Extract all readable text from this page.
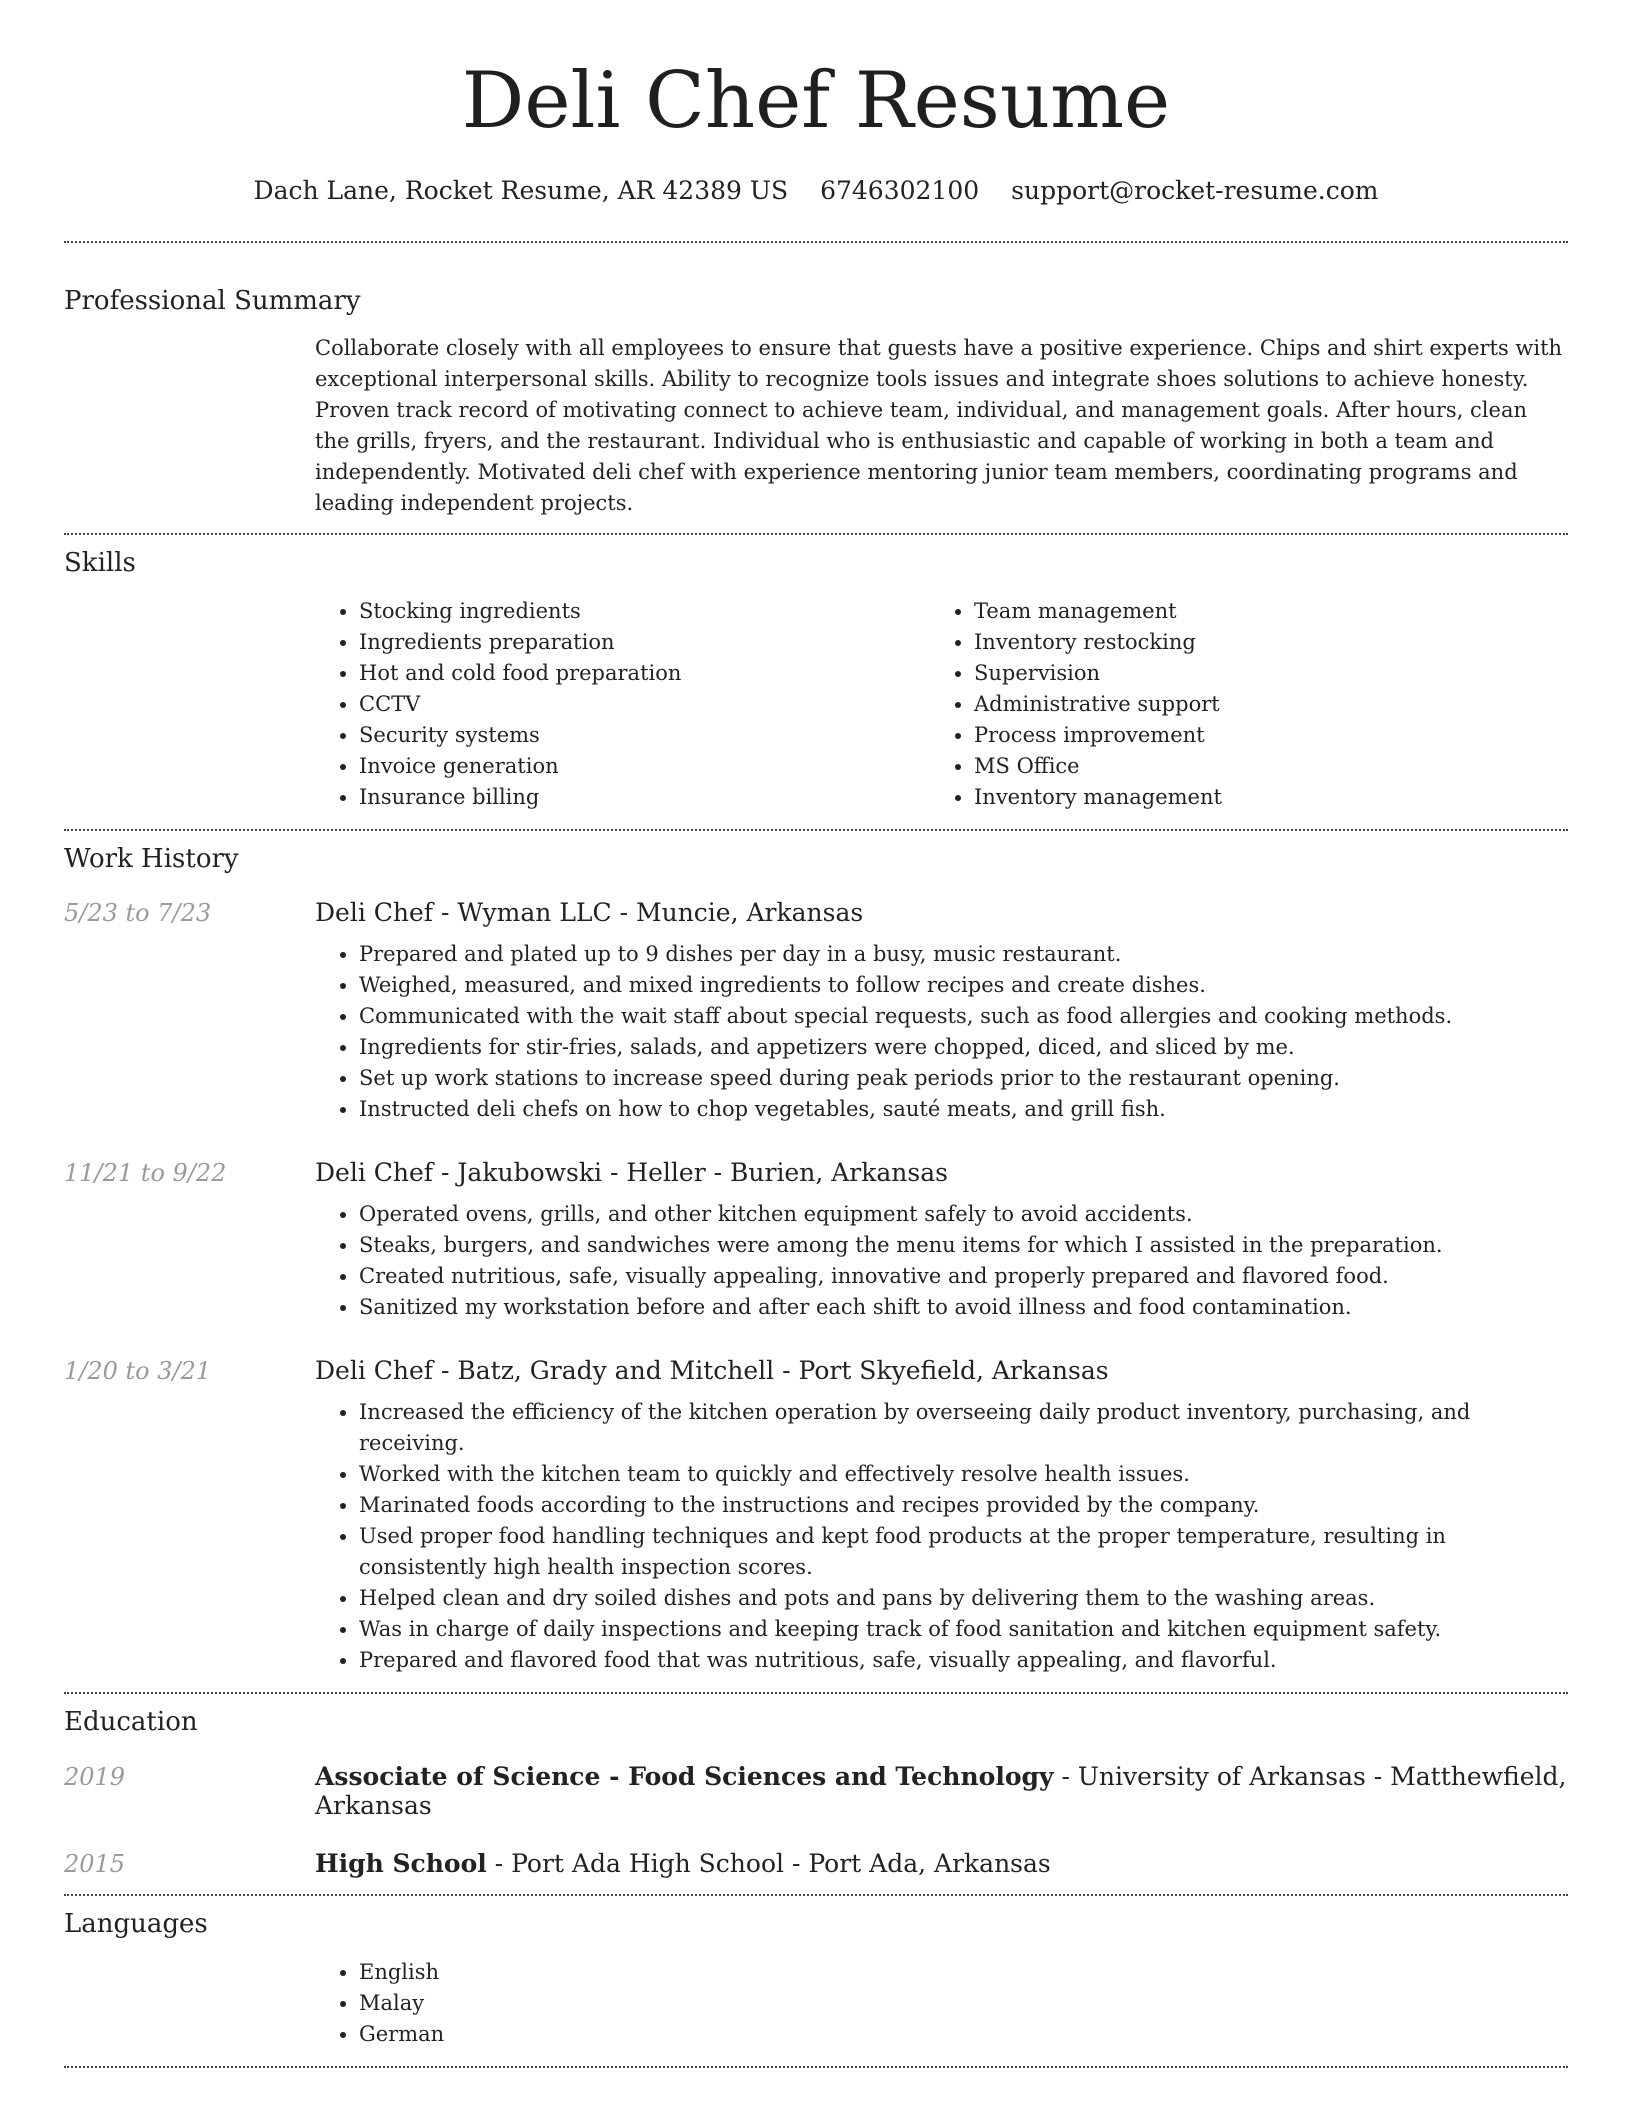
Deli Chef Resume
Dach Lane, Rocket Resume, AR 42389 US 6746302100 support@rocket-resume.com
Professional Summary

Collaborate closely with all employees to ensure that guests have a positive experience. Chips and shirt experts with exceptional interpersonal skills. Ability to recognize tools issues and integrate shoes solutions to achieve honesty. Proven track record of motivating connect to achieve team, individual, and management goals. After hours, clean the grills, fryers, and the restaurant. Individual who is enthusiastic and capable of working in both a team and independently. Motivated deli chef with experience mentoring junior team members, coordinating programs and leading independent projects.

Skills
• Stocking ingredients
• Ingredients preparation
• Hot and cold food preparation
• CCTV
• Security systems
• Invoice generation
• Insurance billing
• Team management
• Inventory restocking
• Supervision
• Administrative support
• Process improvement
• MS Office
• Inventory management
Work History
5/23 to 7/23	Deli Chef - Wyman LLC - Muncie, Arkansas
• Prepared and plated up to 9 dishes per day in a busy, music restaurant.
• Weighed, measured, and mixed ingredients to follow recipes and create dishes.
• Communicated with the wait staff about special requests, such as food allergies and cooking methods.
• Ingredients for stir-fries, salads, and appetizers were chopped, diced, and sliced by me.
• Set up work stations to increase speed during peak periods prior to the restaurant opening.
• Instructed deli chefs on how to chop vegetables, sauté meats, and grill fish.
11/21 to 9/22	Deli Chef - Jakubowski - Heller - Burien, Arkansas
• Operated ovens, grills, and other kitchen equipment safely to avoid accidents.
• Steaks, burgers, and sandwiches were among the menu items for which I assisted in the preparation.
• Created nutritious, safe, visually appealing, innovative and properly prepared and flavored food.
• Sanitized my workstation before and after each shift to avoid illness and food contamination.
1/20 to 3/21	Deli Chef - Batz, Grady and Mitchell - Port Skyefield, Arkansas
• Increased the efficiency of the kitchen operation by overseeing daily product inventory, purchasing, and receiving.
• Worked with the kitchen team to quickly and effectively resolve health issues.
• Marinated foods according to the instructions and recipes provided by the company.
• Used proper food handling techniques and kept food products at the proper temperature, resulting in consistently high health inspection scores.
• Helped clean and dry soiled dishes and pots and pans by delivering them to the washing areas.
• Was in charge of daily inspections and keeping track of food sanitation and kitchen equipment safety.
• Prepared and flavored food that was nutritious, safe, visually appealing, and flavorful.
Education
2019	Associate of Science - Food Sciences and Technology - University of Arkansas - Matthewfield, Arkansas
2015	High School - Port Ada High School - Port Ada, Arkansas
Languages
• English
• Malay
• German
